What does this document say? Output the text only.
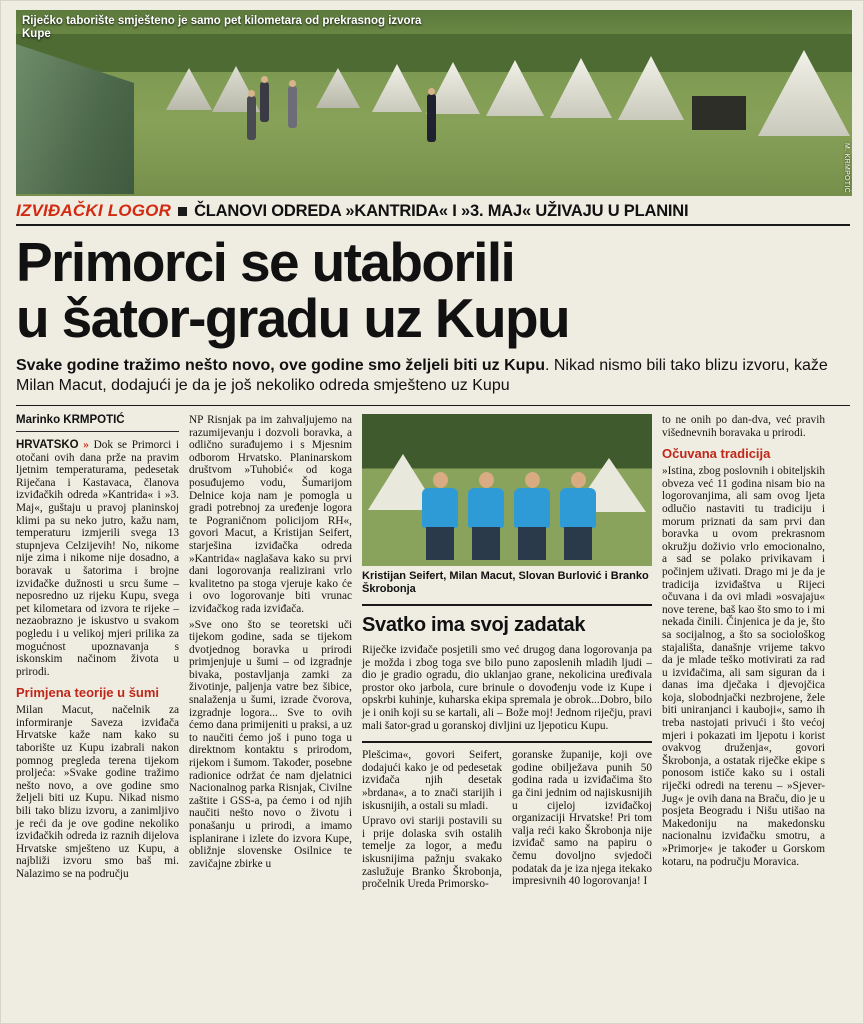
Riječko taborište smješteno je samo pet kilometara od prekrasnog izvora Kupe
M. KRMPOTIĆ
IZVIĐAČKI LOGOR ČLANOVI ODREDA »KANTRIDA« I »3. MAJ« UŽIVAJU U PLANINI
Primorci se utaborili
u šator-gradu uz Kupu
Svake godine tražimo nešto novo, ove godine smo željeli biti uz Kupu. Nikad nismo bili tako blizu izvoru, kaže Milan Macut, dodajući je da je još nekoliko odreda smješteno uz Kupu
Marinko KRMPOTIĆ

HRVATSKO » Dok se Primorci i otočani ovih dana prže na pravim ljetnim temperaturama, pedesetak Riječana i Kastavaca, članova izviđačkih odreda »Kantrida« i »3. Maj«, guštaju u pravoj planinskoj klimi pa su neko jutro, kažu nam, temperaturu izmjerili svega 13 stupnjeva Celzijevih! No, nikome nije zima i nikome nije dosadno, a boravak u šatorima i brojne izviđačke dužnosti u srcu šume – neposredno uz rijeku Kupu, svega pet kilometara od izvora te rijeke – nezaobrazno je iskustvo u svakom pogledu i u velikoj mjeri prilika za mogućnost upoznavanja s iskonskim načinom života u prirodi.

Primjena teorije u šumi

Milan Macut, načelnik za informiranje Saveza izviđača Hrvatske kaže nam kako su taborište uz Kupu izabrali nakon pomnog pregleda terena tijekom proljeća: »Svake godine tražimo nešto novo, a ove godine smo željeli biti uz Kupu. Nikad nismo bili tako blizu izvoru, a zanimljivo je reći da je ove godine nekoliko izviđačkih odreda iz raznih dijelova Hrvatske smješteno uz Kupu, a najbliži izvoru smo baš mi. Nalazimo se na području

NP Risnjak pa im zahvaljujemo na razumijevanju i dozvoli boravka, a odlično surađujemo i s Mjesnim odborom Hrvatsko. Planinarskom društvom »Tuhobić« od koga posuđujemo vodu, Šumarijom Delnice koja nam je pomogla u gradi potrebnoj za uređenje logora te Pograničnom policijom RH«, govori Macut, a Kristijan Seifert, starješina izviđačka odreda »Kantrida« naglašava kako su prvi dani logorovanja realizirani vrlo kvalitetno pa stoga vjeruje kako će i ovo logorovanje biti vrunac izviđačkog rada izviđača.

»Sve ono što se teoretski uči tijekom godine, sada se tijekom dvotjednog boravka u prirodi primjenjuje u šumi – od izgradnje bivaka, postavljanja zamki za životinje, paljenja vatre bez šibice, snalaženja u šumi, izrade čvorova, izgradnje logora... Sve to ovih ćemo dana primijeniti u praksi, a uz to naučiti ćemo još i puno toga u direktnom kontaktu s prirodom, rijekom i šumom. Također, posebne radionice održat će nam djelatnici Nacionalnog parka Risnjak, Civilne zaštite i GSS-a, pa ćemo i od njih naučiti nešto novo o životu i ponašanju u prirodi, a imamo isplanirane i izlete do izvora Kupe, obližnje slovenske Osilnice te zavičajne zbirke u

Kristijan Seifert, Milan Macut, Slovan Burlović i Branko Škrobonja
Svatko ima svoj zadatak

Riječke izviđače posjetili smo već drugog dana logorovanja pa je možda i zbog toga sve bilo puno zaposlenih mladih ljudi – dio je gradio ogradu, dio uklanjao grane, nekolicina uređivala prostor oko jarbola, cure brinule o dovođenju vode iz Kupe i opskrbi kuhinje, kuharska ekipa spremala je obrok...Dobro, bilo je i onih koji su se kartali, ali – Bože moj! Jednom riječju, pravi mali šator-grad u goranskoj divljini uz ljepoticu Kupu.

Plešcima«, govori Seifert, dodajući kako je od pedesetak izviđača njih desetak »brdana«, a to znači starijih i iskusnijih, a ostali su mladi.

Upravo ovi stariji postavili su i prije dolaska svih ostalih temelje za logor, a među iskusnijima pažnju svakako zaslužuje Branko Škrobonja, pročelnik Ureda Primorsko-

goranske županije, koji ove godine obilježava punih 50 godina rada u izviđačima što ga čini jednim od najiskusnijih u cijeloj izviđačkoj organizaciji Hrvatske! Pri tom valja reći kako Škrobonja nije izviđač samo na papiru o čemu dovoljno svjedoči podatak da je iza njega itekako impresivnih 40 logorovanja! I

to ne onih po dan-dva, već pravih višednevnih boravaka u prirodi.

Očuvana tradicija

»Istina, zbog poslovnih i obiteljskih obveza već 11 godina nisam bio na logorovanjima, ali sam ovog ljeta odlučio nastaviti tu tradiciju i morum priznati da sam prvi dan boravka u ovom prekrasnom okružju doživio vrlo emocionalno, a sad se polako privikavam i počinjem uživati. Drago mi je da je tradicija izviđaštva u Rijeci očuvana i da ovi mladi »osvajaju« nove terene, baš kao što smo to i mi nekada činili. Činjenica je da je, što sa socijalnog, a što sa sociološkog stajališta, današnje vrijeme takvo da je mlade teško motivirati za rad u izviđačima, ali sam siguran da i danas ima dječaka i djevojčica koja, slobodnjački nezbrojene, žele biti uniranjanci i kauboji«, samo ih treba nastojati privući i što većoj mjeri i pokazati im ljepotu i korist ovakvog druženja«, govori Škrobonja, a ostatak riječke ekipe s ponosom ističe kako su i ostali riječki odredi na terenu – »Sjever-Jug« je ovih dana na Braču, dio je u posjeta Beogradu i Nišu utišao na Makedoniju na makedonsku nacionalnu izviđačku smotru, a »Primorje« je također u Gorskom kotaru, na području Moravica.
